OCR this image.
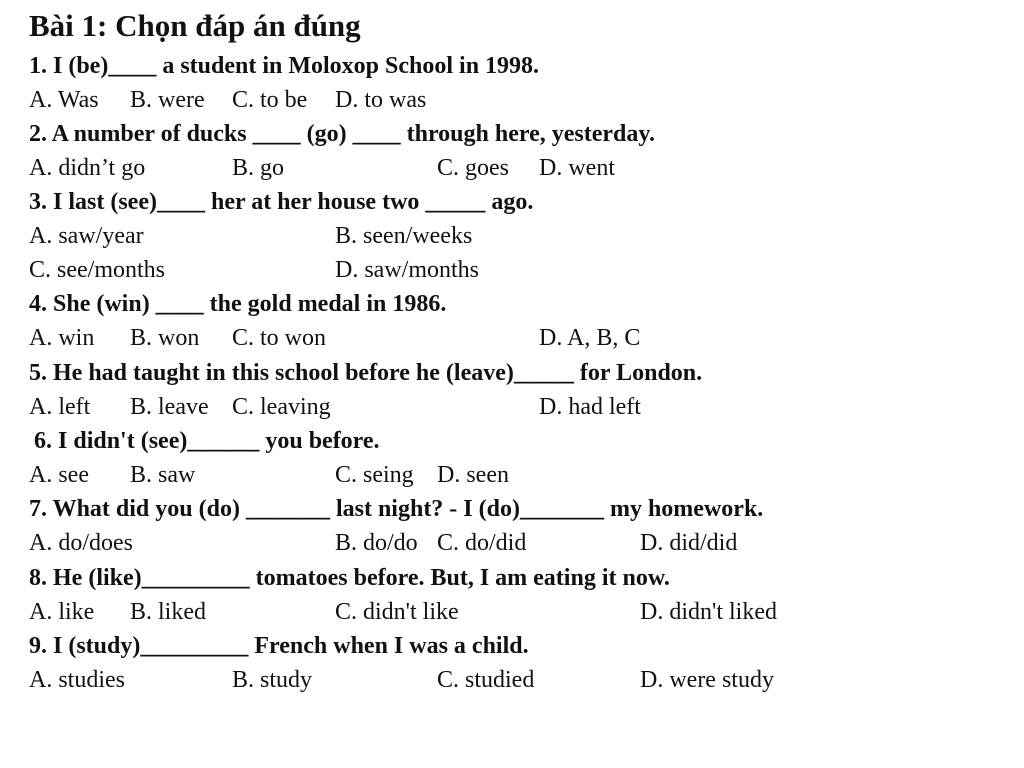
Bài 1: Chọn đáp án đúng
1. I (be)____ a student in Moloxop School in 1998.
A. Was B. were C. to be D. to was
2. A number of ducks ____ (go) ____ through here, yesterday.
A. didn’t go	B. go	C. goes D. went
3. I last (see)____ her at her house two _____ ago.
A. saw/year	B. seen/weeks
C. see/months	D. saw/months
4. She (win) ____ the gold medal in 1986.
A. win B. won C. to won	D. A, B, C
5. He had taught in this school before he (leave)_____ for London.
A. left B. leave C. leaving	D. had left
6. I didn't (see)______ you before.
A. see B. saw	C. seing D. seen
7. What did you (do) _______ last night? - I (do)_______ my homework.
A. do/does	B. do/do C. do/did	D. did/did
8. He (like)_________ tomatoes before. But, I am eating it now.
A. like B. liked	C. didn't like	D. didn't liked
9. I (study)_________ French when I was a child.
A. studies	B. study	C. studied	D. were study
